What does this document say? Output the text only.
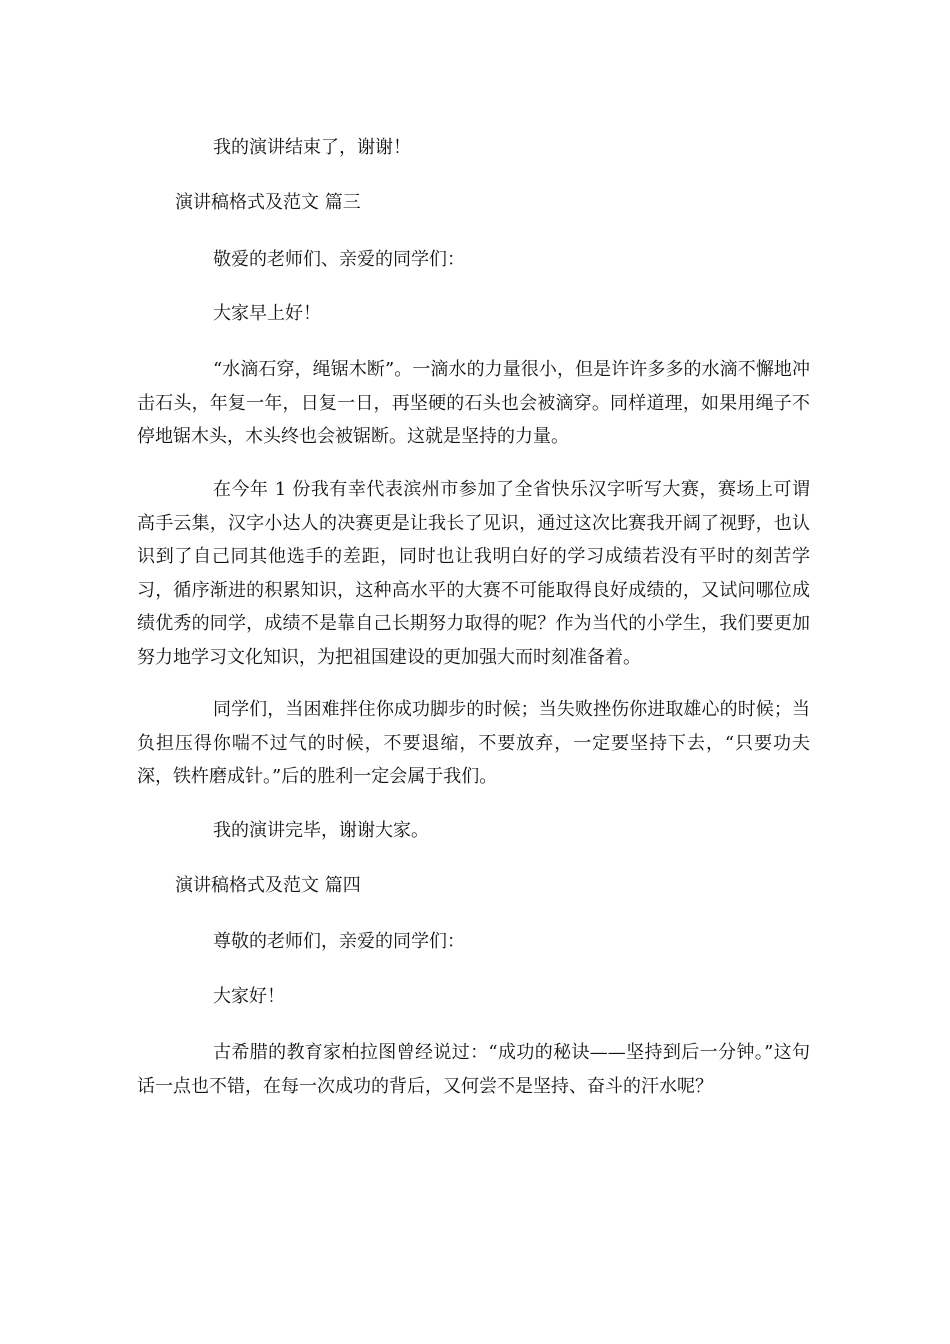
我的演讲结束了，谢谢！

演讲稿格式及范文 篇三

敬爱的老师们、亲爱的同学们：

大家早上好！

“水滴石穿，绳锯木断”。一滴水的力量很小，但是许许多多的水滴不懈地冲击石头，年复一年，日复一日，再坚硬的石头也会被滴穿。同样道理，如果用绳子不停地锯木头，木头终也会被锯断。这就是坚持的力量。

在今年 1 份我有幸代表滨州市参加了全省快乐汉字听写大赛，赛场上可谓高手云集，汉字小达人的决赛更是让我长了见识，通过这次比赛我开阔了视野，也认识到了自己同其他选手的差距，同时也让我明白好的学习成绩若没有平时的刻苦学习，循序渐进的积累知识，这种高水平的大赛不可能取得良好成绩的，又试问哪位成绩优秀的同学，成绩不是靠自己长期努力取得的呢？作为当代的小学生，我们要更加努力地学习文化知识，为把祖国建设的更加强大而时刻准备着。

同学们，当困难拌住你成功脚步的时候；当失败挫伤你进取雄心的时候；当负担压得你喘不过气的时候，不要退缩，不要放弃，一定要坚持下去，“只要功夫深，铁杵磨成针。”后的胜利一定会属于我们。

我的演讲完毕，谢谢大家。

演讲稿格式及范文 篇四

尊敬的老师们，亲爱的同学们：

大家好！

古希腊的教育家柏拉图曾经说过：“成功的秘诀——坚持到后一分钟。”这句话一点也不错，在每一次成功的背后，又何尝不是坚持、奋斗的汗水呢？
